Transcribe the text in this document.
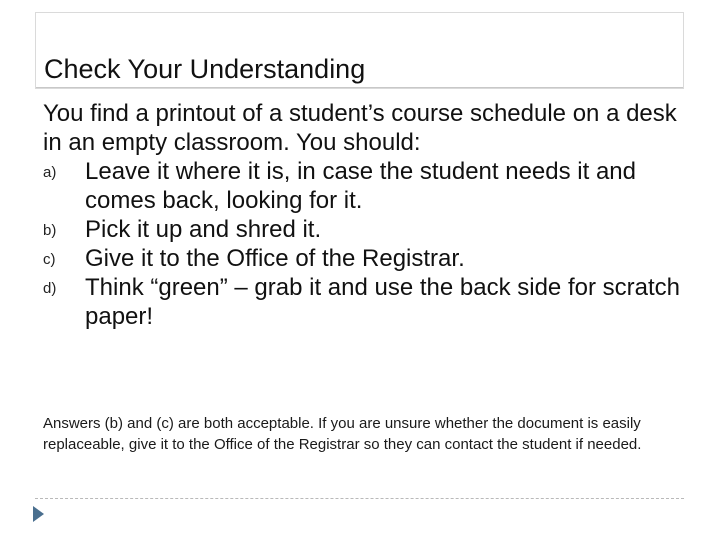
Check Your Understanding

You find a printout of a student’s course schedule on a desk in an empty classroom. You should:

a) Leave it where it is, in case the student needs it and comes back, looking for it.
b) Pick it up and shred it.
c) Give it to the Office of the Registrar.
d) Think “green” – grab it and use the back side for scratch paper!

Answers (b) and (c) are both acceptable. If you are unsure whether the document is easily replaceable, give it to the Office of the Registrar so they can contact the student if needed.
